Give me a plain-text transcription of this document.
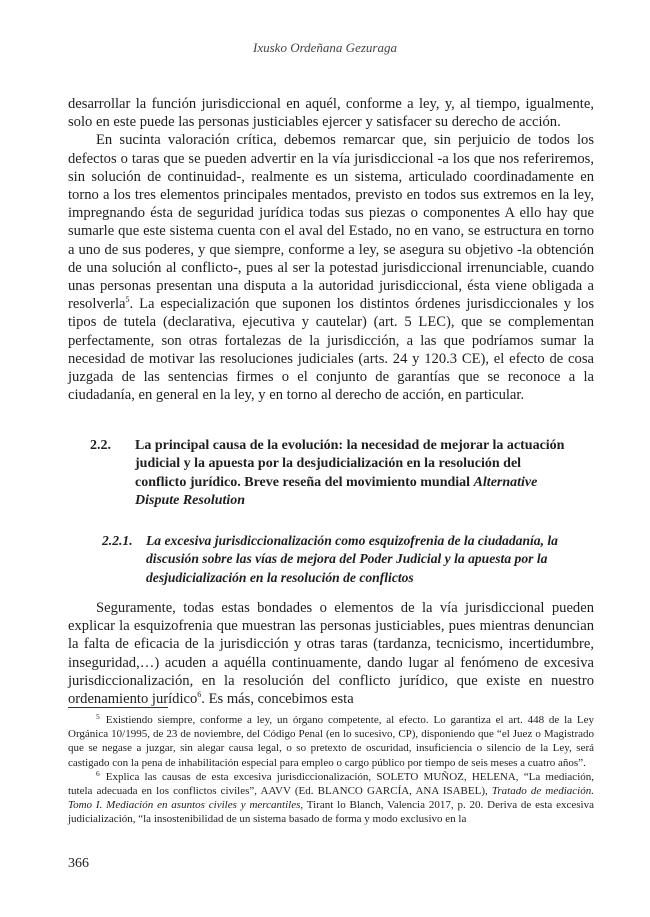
Ixusko Ordeñana Gezuraga

desarrollar la función jurisdiccional en aquél, conforme a ley, y, al tiempo, igualmente, solo en este puede las personas justiciables ejercer y satisfacer su derecho de acción.

En sucinta valoración crítica, debemos remarcar que, sin perjuicio de todos los defectos o taras que se pueden advertir en la vía jurisdiccional -a los que nos referiremos, sin solución de continuidad-, realmente es un sistema, articulado coordinadamente en torno a los tres elementos principales mentados, previsto en todos sus extremos en la ley, impregnando ésta de seguridad jurídica todas sus piezas o componentes A ello hay que sumarle que este sistema cuenta con el aval del Estado, no en vano, se estructura en torno a uno de sus poderes, y que siempre, conforme a ley, se asegura su objetivo -la obtención de una solución al conflicto-, pues al ser la potestad jurisdiccional irrenunciable, cuando unas personas presentan una disputa a la autoridad jurisdiccional, ésta viene obligada a resolverla$^5$. La especialización que suponen los distintos órdenes jurisdiccionales y los tipos de tutela (declarativa, ejecutiva y cautelar) (art. 5 LEC), que se complementan perfectamente, son otras fortalezas de la jurisdicción, a las que podríamos sumar la necesidad de motivar las resoluciones judiciales (arts. 24 y 120.3 CE), el efecto de cosa juzgada de las sentencias firmes o el conjunto de garantías que se reconoce a la ciudadanía, en general en la ley, y en torno al derecho de acción, en particular.

2.2.	La principal causa de la evolución: la necesidad de mejorar la actuación judicial y la apuesta por la desjudicialización en la resolución del conflicto jurídico. Breve reseña del movimiento mundial Alternative Dispute Resolution
2.2.1. La excesiva jurisdiccionalización como esquizofrenia de la ciudadanía, la discusión sobre las vías de mejora del Poder Judicial y la apuesta por la desjudicialización en la resolución de conflictos

Seguramente, todas estas bondades o elementos de la vía jurisdiccional pueden explicar la esquizofrenia que muestran las personas justiciables, pues mientras denuncian la falta de eficacia de la jurisdicción y otras taras (tardanza, tecnicismo, incertidumbre, inseguridad,…) acuden a aquélla continuamente, dando lugar al fenómeno de excesiva jurisdiccionalización, en la resolución del conflicto jurídico, que existe en nuestro ordenamiento jurídico$^6$. Es más, concebimos esta

$^5$ Existiendo siempre, conforme a ley, un órgano competente, al efecto. Lo garantiza el art. 448 de la Ley Orgánica 10/1995, de 23 de noviembre, del Código Penal (en lo sucesivo, CP), disponiendo que “el Juez o Magistrado que se negase a juzgar, sin alegar causa legal, o so pretexto de oscuridad, insuficiencia o silencio de la Ley, será castigado con la pena de inhabilitación especial para empleo o cargo público por tiempo de seis meses a cuatro años”.

$^6$ Explica las causas de esta excesiva jurisdiccionalización, SOLETO MUÑOZ, HELENA, “La mediación, tutela adecuada en los conflictos civiles”, AAVV (Ed. BLANCO GARCÍA, ANA ISABEL), Tratado de mediación. Tomo I. Mediación en asuntos civiles y mercantiles, Tirant lo Blanch, Valencia 2017, p. 20. Deriva de esta excesiva judicialización, “la insostenibilidad de un sistema basado de forma y modo exclusivo en la

366
